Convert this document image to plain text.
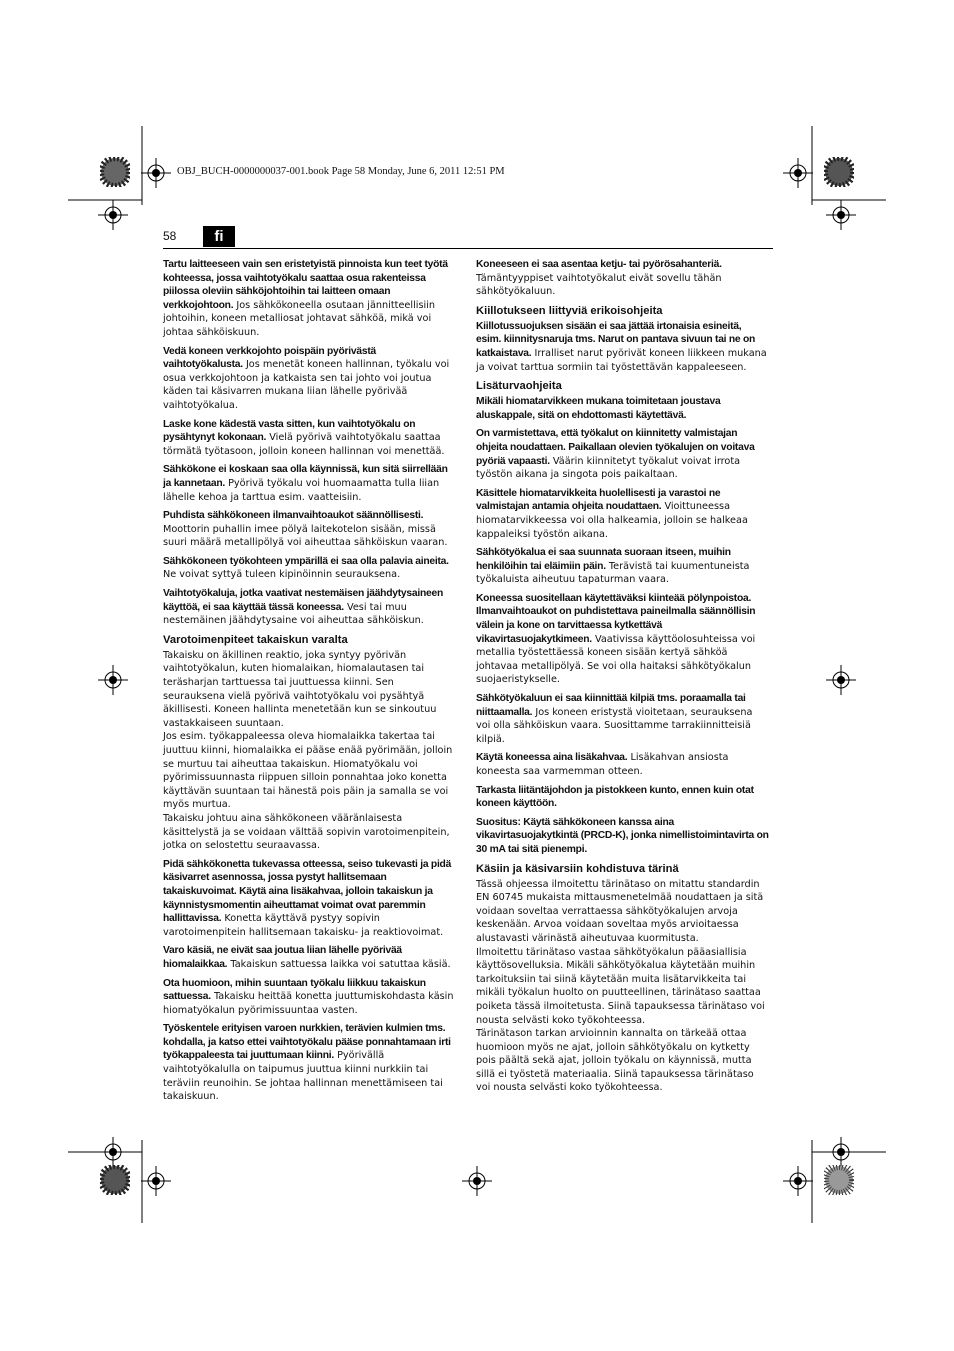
OBJ_BUCH-0000000037-001.book Page 58 Monday, June 6, 2011 12:51 PM
58	fi

Tartu laitteeseen vain sen eristetyistä pinnoista kun teet työtä kohteessa, jossa vaihtotyökalu saattaa osua rakenteissa piilossa oleviin sähköjohtoihin tai laitteen omaan verkkojohtoon. Jos sähkökoneella osutaan jännitteellisiin johtoihin, koneen metalliosat johtavat sähköä, mikä voi johtaa sähköiskuun.

Vedä koneen verkkojohto poispäin pyörivästä vaihtotyökalusta. Jos menetät koneen hallinnan, työkalu voi osua verkkojohtoon ja katkaista sen tai johto voi joutua käden tai käsivarren mukana liian lähelle pyörivää vaihtotyökalua.

Laske kone kädestä vasta sitten, kun vaihtotyökalu on pysähtynyt kokonaan. Vielä pyörivä vaihtotyökalu saattaa törmätä työtasoon, jolloin koneen hallinnan voi menettää.

Sähkökone ei koskaan saa olla käynnissä, kun sitä siirrellään ja kannetaan. Pyörivä työkalu voi huomaamatta tulla liian lähelle kehoa ja tarttua esim. vaatteisiin.

Puhdista sähkökoneen ilmanvaihtoaukot säännöllisesti. Moottorin puhallin imee pölyä laitekotelon sisään, missä suuri määrä metallipölyä voi aiheuttaa sähköiskun vaaran.

Sähkökoneen työkohteen ympärillä ei saa olla palavia aineita. Ne voivat syttyä tuleen kipinöinnin seurauksena.

Vaihtotyökaluja, jotka vaativat nestemäisen jäähdytysaineen käyttöä, ei saa käyttää tässä koneessa. Vesi tai muu nestemäinen jäähdytysaine voi aiheuttaa sähköiskun.

Varotoimenpiteet takaiskun varalta

Takaisku on äkillinen reaktio, joka syntyy pyörivän vaihtotyökalun, kuten hiomalaikan, hiomalautasen tai teräsharjan tarttuessa tai juuttuessa kiinni. Sen seurauksena vielä pyörivä vaihtotyökalu voi pysähtyä äkillisesti. Koneen hallinta menetetään kun se sinkoutuu vastakkaiseen suuntaan.

Jos esim. työkappaleessa oleva hiomalaikka takertaa tai juuttuu kiinni, hiomalaikka ei pääse enää pyörimään, jolloin se murtuu tai aiheuttaa takaiskun. Hiomatyökalu voi pyörimissuunnasta riippuen silloin ponnahtaa joko konetta käyttävän suuntaan tai hänestä pois päin ja samalla se voi myös murtua.

Takaisku johtuu aina sähkökoneen vääränlaisesta käsittelystä ja se voidaan välttää sopivin varotoimenpitein, jotka on selostettu seuraavassa.

Pidä sähkökonetta tukevassa otteessa, seiso tukevasti ja pidä käsivarret asennossa, jossa pystyt hallitsemaan takaiskuvoimat. Käytä aina lisäkahvaa, jolloin takaiskun ja käynnistysmomentin aiheuttamat voimat ovat paremmin hallittavissa. Konetta käyttävä pystyy sopivin varotoimenpitein hallitsemaan takaisku- ja reaktiovoimat.

Varo käsiä, ne eivät saa joutua liian lähelle pyörivää hiomalaikkaa. Takaiskun sattuessa laikka voi satuttaa käsiä.

Ota huomioon, mihin suuntaan työkalu liikkuu takaiskun sattuessa. Takaisku heittää konetta juuttumiskohdasta käsin hiomatyökalun pyörimissuuntaa vasten.

Työskentele erityisen varoen nurkkien, terävien kulmien tms. kohdalla, ja katso ettei vaihtotyökalu pääse ponnahtamaan irti työkappaleesta tai juuttumaan kiinni. Pyörivällä vaihtotyökalulla on taipumus juuttua kiinni nurkkiin tai teräviin reunoihin. Se johtaa hallinnan menettämiseen tai takaiskuun.

Koneeseen ei saa asentaa ketju- tai pyörösahanteriä. Tämäntyyppiset vaihtotyökalut eivät sovellu tähän sähkötyökaluun.

Kiillotukseen liittyviä erikoisohjeita

Kiillotussuojuksen sisään ei saa jättää irtonaisia esineitä, esim. kiinnitysnaruja tms. Narut on pantava sivuun tai ne on katkaistava. Irralliset narut pyörivät koneen liikkeen mukana ja voivat tarttua sormiin tai työstettävän kappaleeseen.

Lisäturvaohjeita

Mikäli hiomatarvikkeen mukana toimitetaan joustava aluskappale, sitä on ehdottomasti käytettävä.

On varmistettava, että työkalut on kiinnitetty valmistajan ohjeita noudattaen. Paikallaan olevien työkalujen on voitava pyöriä vapaasti. Väärin kiinnitetyt työkalut voivat irrota työstön aikana ja singota pois paikaltaan.

Käsittele hiomatarvikkeita huolellisesti ja varastoi ne valmistajan antamia ohjeita noudattaen. Vioittuneessa hiomatarvikkeessa voi olla halkeamia, jolloin se halkeaa kappaleiksi työstön aikana.

Sähkötyökalua ei saa suunnata suoraan itseen, muihin henkilöihin tai eläimiin päin. Terävistä tai kuumentuneista työkaluista aiheutuu tapaturman vaara.

Koneessa suositellaan käytettäväksi kiinteää pölynpoistoa. Ilmanvaihtoaukot on puhdistettava paineilmalla säännöllisin välein ja kone on tarvittaessa kytkettävä vikavirtasuojakytkimeen. Vaativissa käyttöolosuhteissa voi metallia työstettäessä koneen sisään kertyä sähköä johtavaa metallipölyä. Se voi olla haitaksi sähkötyökalun suojaeristykselle.

Sähkötyökaluun ei saa kiinnittää kilpiä tms. poraamalla tai niittaamalla. Jos koneen eristystä vioitetaan, seurauksena voi olla sähköiskun vaara. Suosittamme tarrakiinnitteisiä kilpiä.

Käytä koneessa aina lisäkahvaa. Lisäkahvan ansiosta koneesta saa varmemman otteen.

Tarkasta liitäntäjohdon ja pistokkeen kunto, ennen kuin otat koneen käyttöön.

Suositus: Käytä sähkökoneen kanssa aina vikavirtasuojakytkintä (PRCD-K), jonka nimellistoimintavirta on 30 mA tai sitä pienempi.

Käsiin ja käsivarsiin kohdistuva tärinä

Tässä ohjeessa ilmoitettu tärinätaso on mitattu standardin EN 60745 mukaista mittausmenetelmää noudattaen ja sitä voidaan soveltaa verrattaessa sähkötyökalujen arvoja keskenään. Arvoa voidaan soveltaa myös arvioitaessa alustavasti värinästä aiheutuvaa kuormitusta.

Ilmoitettu tärinätaso vastaa sähkötyökalun pääasiallisia käyttösovelluksia. Mikäli sähkötyökalua käytetään muihin tarkoituksiin tai siinä käytetään muita lisätarvikkeita tai mikäli työkalun huolto on puutteellinen, tärinätaso saattaa poiketa tässä ilmoitetusta. Siinä tapauksessa tärinätaso voi nousta selvästi koko työkohteessa.

Tärinätason tarkan arvioinnin kannalta on tärkeää ottaa huomioon myös ne ajat, jolloin sähkötyökalu on kytketty pois päältä sekä ajat, jolloin työkalu on käynnissä, mutta sillä ei työstetä materiaalia. Siinä tapauksessa tärinätaso voi nousta selvästi koko työkohteessa.
